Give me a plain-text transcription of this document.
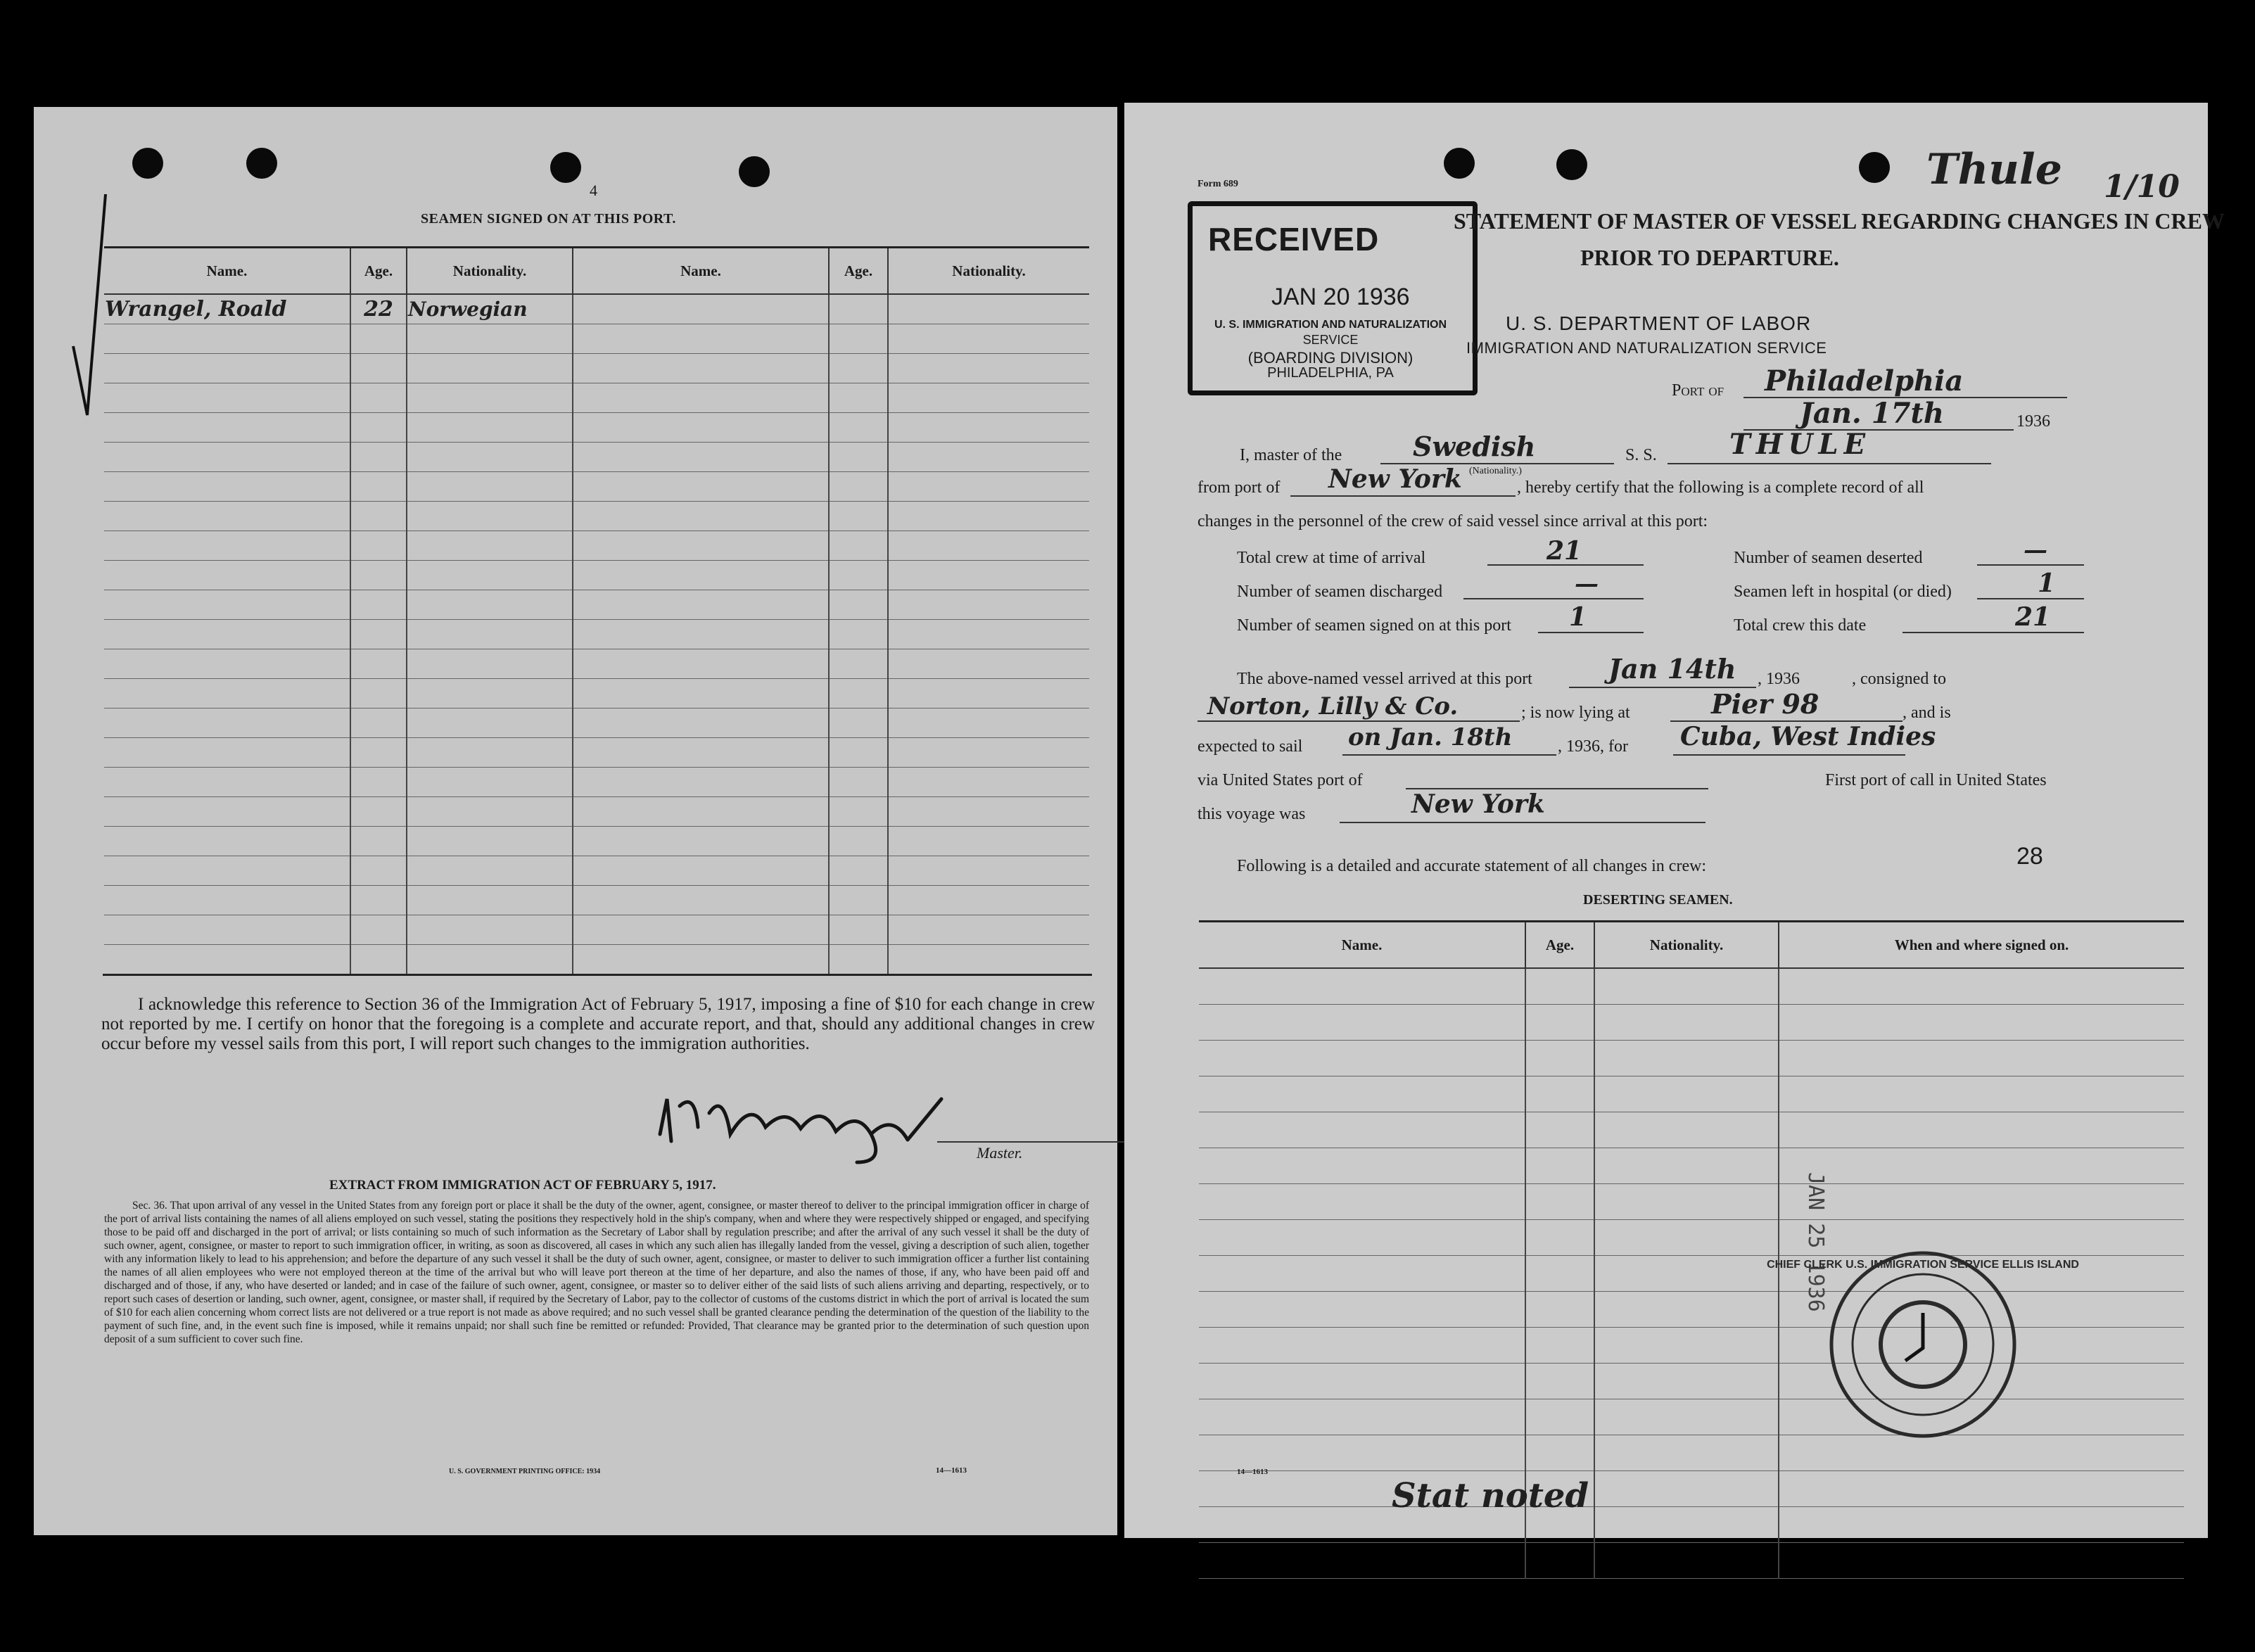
4
SEAMEN SIGNED ON AT THIS PORT.
Name.	Age.	Nationality.	Name.	Age.	Nationality.
Wrangel, Roald	22	Norwegian			

I acknowledge this reference to Section 36 of the Immigration Act of February 5, 1917, imposing a fine of $10 for each change in crew not reported by me. I certify on honor that the foregoing is a complete and accurate report, and that, should any additional changes in crew occur before my vessel sails from this port, I will report such changes to the immigration authorities.
Master.
EXTRACT FROM IMMIGRATION ACT OF FEBRUARY 5, 1917.
Sec. 36. That upon arrival of any vessel in the United States from any foreign port or place it shall be the duty of the owner, agent, consignee, or master thereof to deliver to the principal immigration officer in charge of the port of arrival lists containing the names of all aliens employed on such vessel, stating the positions they respectively hold in the ship's company, when and where they were respectively shipped or engaged, and specifying those to be paid off and discharged in the port of arrival; or lists containing so much of such information as the Secretary of Labor shall by regulation prescribe; and after the arrival of any such vessel it shall be the duty of such owner, agent, consignee, or master to report to such immigration officer, in writing, as soon as discovered, all cases in which any such alien has illegally landed from the vessel, giving a description of such alien, together with any information likely to lead to his apprehension; and before the departure of any such vessel it shall be the duty of such owner, agent, consignee, or master to deliver to such immigration officer a further list containing the names of all alien employees who were not employed thereon at the time of the arrival but who will leave port thereon at the time of her departure, and also the names of those, if any, who have been paid off and discharged and of those, if any, who have deserted or landed; and in case of the failure of such owner, agent, consignee, or master so to deliver either of the said lists of such aliens arriving and departing, respectively, or to report such cases of desertion or landing, such owner, agent, consignee, or master shall, if required by the Secretary of Labor, pay to the collector of customs of the customs district in which the port of arrival is located the sum of $10 for each alien concerning whom correct lists are not delivered or a true report is not made as above required; and no such vessel shall be granted clearance pending the determination of the question of the liability to the payment of such fine, and, in the event such fine is imposed, while it remains unpaid; nor shall such fine be remitted or refunded: Provided, That clearance may be granted prior to the determination of such question upon deposit of a sum sufficient to cover such fine.
U. S. GOVERNMENT PRINTING OFFICE: 1934	14—1613
Thule 1/10
Form 689
RECEIVED
JAN 20 1936
U. S. IMMIGRATION AND NATURALIZATION
SERVICE
(BOARDING DIVISION)
PHILADELPHIA, PA
STATEMENT OF MASTER OF VESSEL REGARDING CHANGES IN CREW
PRIOR TO DEPARTURE.
U. S. DEPARTMENT OF LABOR
IMMIGRATION AND NATURALIZATION SERVICE
Port of Philadelphia
Jan. 17th	1936
I, master of the	Swedish
(Nationality.)
S. S.	THULE
from port of New York	, hereby certify that the following is a complete record of all
changes in the personnel of the crew of said vessel since arrival at this port:
Total crew at time of arrival	21	Number of seamen deserted	—
Number of seamen discharged	—	Seamen left in hospital (or died)	1
Number of seamen signed on at this port 1	Total crew this date	21
The above-named vessel arrived at this port	Jan 14th , 1936	, consigned to
Norton, Lilly & Co.	; is now lying at	Pier 98	, and is
expected to sail on Jan. 18th	, 1936, for Cuba, West Indies
via United States port of	First port of call in United States
this voyage was	New York
Following is a detailed and accurate statement of all changes in crew:	28
DESERTING SEAMEN.
Name.	Age.	Nationality.	When and where signed on.

JAN 25 1936
CHIEF CLERK U.S. IMMIGRATION SERVICE ELLIS ISLAND
14—1613
Stat noted
